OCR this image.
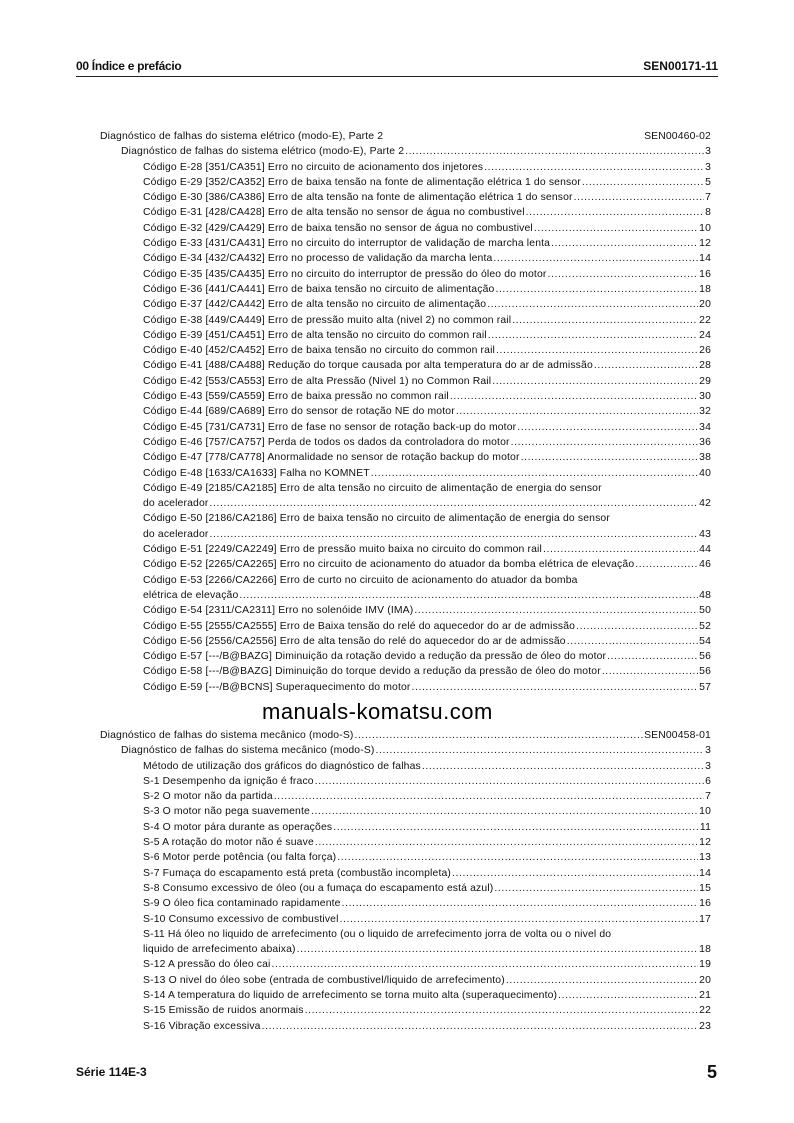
00 Índice e prefácio	SEN00171-11
Diagnóstico de falhas do sistema elétrico (modo-E), Parte 2	SEN00460-02
Diagnóstico de falhas do sistema elétrico (modo-E), Parte 2 .....	3
Código E-28 [351/CA351] Erro no circuito de acionamento dos injetores .....	3
Código E-29 [352/CA352] Erro de baixa tensão na fonte de alimentação elétrica 1 do sensor .....	5
Código E-30 [386/CA386] Erro de alta tensão na fonte de alimentação elétrica 1 do sensor .....	7
Código E-31 [428/CA428] Erro de alta tensão no sensor de água no combustivel .....	8
Código E-32 [429/CA429] Erro de baixa tensão no sensor de água no combustivel .....	10
Código E-33 [431/CA431] Erro no circuito do interruptor de validação de marcha lenta .....	12
Código E-34 [432/CA432] Erro no processo de validação da marcha lenta .....	14
Código E-35 [435/CA435] Erro no circuito do interruptor de pressão do óleo do motor .....	16
Código E-36 [441/CA441] Erro de baixa tensão no circuito de alimentação .....	18
Código E-37 [442/CA442] Erro de alta tensão no circuito de alimentação .....	20
Código E-38 [449/CA449] Erro de pressão muito alta (nivel 2) no common rail .....	22
Código E-39 [451/CA451] Erro de alta tensão no circuito do common rail .....	24
Código E-40 [452/CA452] Erro de baixa tensão no circuito do common rail .....	26
Código E-41 [488/CA488] Redução do torque causada por alta temperatura do ar de admissão .....	28
Código E-42 [553/CA553] Erro de alta Pressão (Nivel 1) no Common Rail .....	29
Código E-43 [559/CA559] Erro de baixa pressão no common rail .....	30
Código E-44 [689/CA689] Erro do sensor de rotação NE do motor .....	32
Código E-45 [731/CA731] Erro de fase no sensor de rotação back-up do motor .....	34
Código E-46 [757/CA757] Perda de todos os dados da controladora do motor .....	36
Código E-47 [778/CA778] Anormalidade no sensor de rotação backup do motor .....	38
Código E-48 [1633/CA1633] Falha no KOMNET .....	40
Código E-49 [2185/CA2185] Erro de alta tensão no circuito de alimentação de energia do sensor
do acelerador .....	42
Código E-50 [2186/CA2186] Erro de baixa tensão no circuito de alimentação de energia do sensor
do acelerador .....	43
Código E-51 [2249/CA2249] Erro de pressão muito baixa no circuito do common rail .....	44
Código E-52 [2265/CA2265] Erro no circuito de acionamento do atuador da bomba elétrica de elevação .....	46
Código E-53 [2266/CA2266] Erro de curto no circuito de acionamento do atuador da bomba
elétrica de elevação .....	48
Código E-54 [2311/CA2311] Erro no solenóide IMV (IMA) .....	50
Código E-55 [2555/CA2555] Erro de Baixa tensão do relé do aquecedor do ar de admissão .....	52
Código E-56 [2556/CA2556] Erro de alta tensão do relé do aquecedor do ar de admissão .....	54
Código E-57 [---/B@BAZG] Diminuição da rotação devido a redução da pressão de óleo do motor .....	56
Código E-58 [---/B@BAZG] Diminuição do torque devido a redução da pressão de óleo do motor .....	56
Código E-59 [---/B@BCNS] Superaquecimento do motor .....	57
Diagnóstico de falhas do sistema mecânico (modo-S) .....	SEN00458-01
Diagnóstico de falhas do sistema mecânico (modo-S) .....	3
Método de utilização dos gráficos do diagnóstico de falhas .....	3
S-1 Desempenho da ignição é fraco .....	6
S-2 O motor não da partida .....	7
S-3 O motor não pega suavemente .....	10
S-4 O motor pára durante as operações .....	11
S-5 A rotação do motor não é suave .....	12
S-6 Motor perde potência (ou falta força) .....	13
S-7 Fumaça do escapamento está preta (combustão incompleta) .....	14
S-8 Consumo excessivo de óleo (ou a fumaça do escapamento está azul) .....	15
S-9 O óleo fica contaminado rapidamente .....	16
S-10 Consumo excessivo de combustivel .....	17
S-11 Há óleo no liquido de arrefecimento (ou o liquido de arrefecimento jorra de volta ou o nivel do
liquido de arrefecimento abaixa) .....	18
S-12 A pressão do óleo cai .....	19
S-13 O nivel do óleo sobe (entrada de combustivel/liquido de arrefecimento) .....	20
S-14 A temperatura do liquido de arrefecimento se torna muito alta (superaquecimento) .....	21
S-15 Emissão de ruidos anormais .....	22
S-16 Vibração excessiva .....	23
manuals-komatsu.com
Série 114E-3	5
